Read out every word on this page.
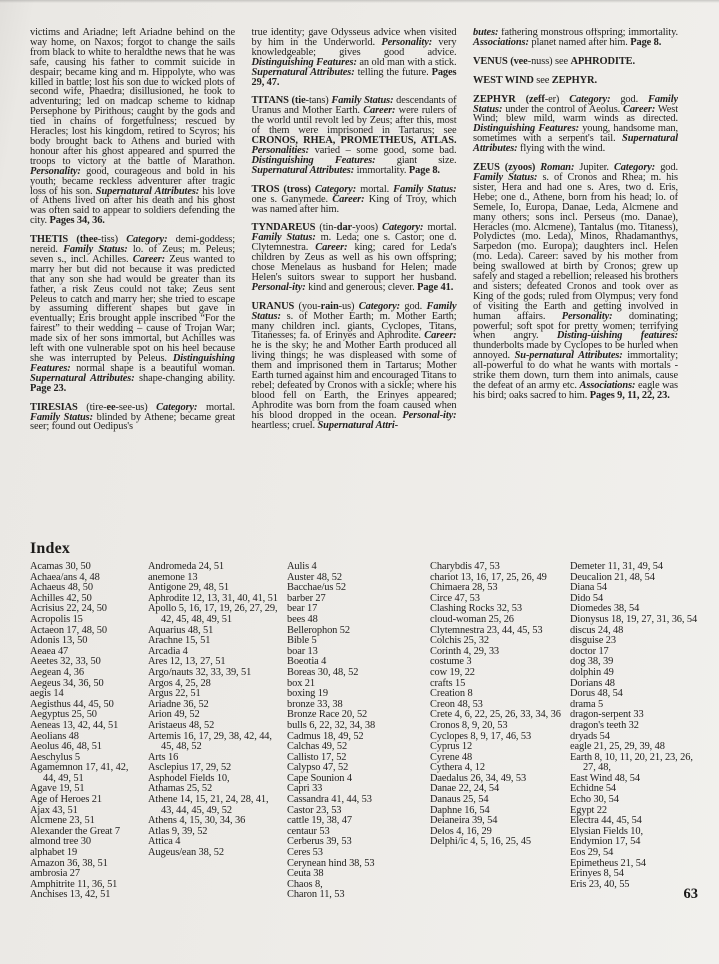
victims and Ariadne; left Ariadne behind on the way home, on Naxos; forgot to change the sails from black to white to heraldthe news that he was safe, causing his father to commit suicide in despair; became king and m. Hippolyte, who was killed in battle; lost his son due to wicked plots of second wife, Phaedra; disillusioned, he took to adventuring; led on madcap scheme to kidnap Persephone by Pirithous; caught by the gods and tied in chains of forgetfulness; rescued by Heracles; lost his kingdom, retired to Scyros; his body brought back to Athens and buried with honour after his ghost appeared and spurred the troops to victory at the battle of Marathon. Personality: good, courageous and bold in his youth; became reckless adventurer after tragic loss of his son. Supernatural Attributes: his love of Athens lived on after his death and his ghost was often said to appear to soldiers defending the city. Pages 34, 36.

THETIS (thee-tiss) Category: demi-goddess; nereid. Family Status: lo. of Zeus; m. Peleus; seven s., incl. Achilles. Career: Zeus wanted to marry her but did not because it was predicted that any son she had would be greater than its father, a risk Zeus could not take; Zeus sent Peleus to catch and marry her; she tried to escape by assuming different shapes but gave in eventually; Eris brought apple inscribed “For the fairest” to their wedding – cause of Trojan War; made six of her sons immortal, but Achilles was left with one vulnerable spot on his heel because she was interrupted by Peleus. Distinguishing Features: normal shape is a beautiful woman. Supernatural Attributes: shape-changing ability. Page 23.

TIRESIAS (tire-ee-see-us) Category: mortal. Family Status: blinded by Athene; became great seer; found out Oedipus's

true identity; gave Odysseus advice when visited by him in the Underworld. Personality: very knowledgeable; gives good advice. Distinguishing Features: an old man with a stick. Supernatural Attributes: telling the future. Pages 29, 47.

TITANS (tie-tans) Family Status: descendants of Uranus and Mother Earth. Career: were rulers of the world until revolt led by Zeus; after this, most of them were imprisoned in Tartarus; see CRONOS, RHEA, PROMETHEUS, ATLAS. Personalities: varied – some good, some bad. Distinguishing Features: giant size. Supernatural Attributes: immortality. Page 8.

TROS (tross) Category: mortal. Family Status: one s. Ganymede. Career: King of Troy, which was named after him.

TYNDAREUS (tin-dar-yoos) Category: mortal. Family Status: m. Leda; one s. Castor; one d. Clytemnestra. Career: king; cared for Leda's children by Zeus as well as his own offspring; chose Menelaus as husband for Helen; made Helen's suitors swear to support her husband. Personal-ity: kind and generous; clever. Page 41.

URANUS (you-rain-us) Category: god. Family Status: s. of Mother Earth; m. Mother Earth; many children incl. giants, Cyclopes, Titans, Titanesses; fa. of Erinyes and Aphrodite. Career: he is the sky; he and Mother Earth produced all living things; he was displeased with some of them and imprisoned them in Tartarus; Mother Earth turned against him and encouraged Titans to rebel; defeated by Cronos with a sickle; where his blood fell on Earth, the Erinyes appeared; Aphrodite was born from the foam caused when his blood dropped in the ocean. Personal-ity: heartless; cruel. Supernatural Attri-

butes: fathering monstrous offspring; immortality. Associations: planet named after him. Page 8.

VENUS (vee-nuss) see APHRODITE.

WEST WIND see ZEPHYR.

ZEPHYR (zeff-er) Category: god. Family Status: under the control of Aeolus. Career: West Wind; blew mild, warm winds as directed. Distinguishing Features: young, handsome man, sometimes with a serpent's tail. Supernatural Attributes: flying with the wind.

ZEUS (zyoos) Roman: Jupiter. Category: god. Family Status: s. of Cronos and Rhea; m. his sister, Hera and had one s. Ares, two d. Eris, Hebe; one d., Athene, born from his head; lo. of Semele, Io, Europa, Danae, Leda, Alcmene and many others; sons incl. Perseus (mo. Danae), Heracles (mo. Alcmene), Tantalus (mo. Titaness), Polydictes (mo. Leda), Minos, Rhadamanthys, Sarpedon (mo. Europa); daughters incl. Helen (mo. Leda). Career: saved by his mother from being swallowed at birth by Cronos; grew up safely and staged a rebellion; released his brothers and sisters; defeated Cronos and took over as King of the gods; ruled from Olympus; very fond of visiting the Earth and getting involved in human affairs. Personality: dominating; powerful; soft spot for pretty women; terrifying when angry. Disting-uishing features: thunderbolts made by Cyclopes to be hurled when annoyed. Su-pernatural Attributes: immortality; all-powerful to do what he wants with mortals - strike them down, turn them into animals, cause the defeat of an army etc. Associations: eagle was his bird; oaks sacred to him. Pages 9, 11, 22, 23.

Index
Acamas 30, 50
Achaea/ans 4, 48
Achaeus 48, 50
Achilles 42, 50
Acrisius 22, 24, 50
Acropolis 15
Actaeon 17, 48, 50
Adonis 13, 50
Aeaea 47
Aeetes 32, 33, 50
Aegean 4, 36
Aegeus 34, 36, 50
aegis 14
Aegisthus 44, 45, 50
Aegyptus 25, 50
Aeneas 13, 42, 44, 51
Aeolians 48
Aeolus 46, 48, 51
Aeschylus 5
Agamemnon 17, 41, 42, 44, 49, 51
Agave 19, 51
Age of Heroes 21
Ajax 43, 51
Alcmene 23, 51
Alexander the Great 7
almond tree 30
alphabet 19
Amazon 36, 38, 51
ambrosia 27
Amphitrite 11, 36, 51
Anchises 13, 42, 51
Andromeda 24, 51
anemone 13
Antigone 29, 48, 51
Aphrodite 12, 13, 31, 40, 41, 51
Apollo 5, 16, 17, 19, 26, 27, 29, 42, 45, 48, 49, 51
Aquarius 48, 51
Arachne 15, 51
Arcadia 4
Ares 12, 13, 27, 51
Argo/nauts 32, 33, 39, 51
Argos 4, 25, 28
Argus 22, 51
Ariadne 36, 52
Arion 49, 52
Aristaeus 48, 52
Artemis 16, 17, 29, 38, 42, 44, 45, 48, 52
Arts 16
Asclepius 17, 29, 52
Asphodel Fields 10,
Athamas 25, 52
Athene 14, 15, 21, 24, 28, 41, 43, 44, 45, 49, 52
Athens 4, 15, 30, 34, 36
Atlas 9, 39, 52
Attica 4
Augeus/ean 38, 52
Aulis 4
Auster 48, 52
Bacchae/us 52
barber 27
bear 17
bees 48
Bellerophon 52
Bible 5
boar 13
Boeotia 4
Boreas 30, 48, 52
box 21
boxing 19
bronze 33, 38
Bronze Race 20, 52
bulls 6, 22, 32, 34, 38
Cadmus 18, 49, 52
Calchas 49, 52
Callisto 17, 52
Calypso 47, 52
Cape Sounion 4
Capri 33
Cassandra 41, 44, 53
Castor 23, 53
cattle 19, 38, 47
centaur 53
Cerberus 39, 53
Ceres 53
Cerynean hind 38, 53
Ceuta 38
Chaos 8,
Charon 11, 53
Charybdis 47, 53
chariot 13, 16, 17, 25, 26, 49
Chimaera 28, 53
Circe 47, 53
Clashing Rocks 32, 53
cloud-woman 25, 26
Clytemnestra 23, 44, 45, 53
Colchis 25, 32
Corinth 4, 29, 33
costume 3
cow 19, 22
crafts 15
Creation 8
Creon 48, 53
Crete 4, 6, 22, 25, 26, 33, 34, 36
Cronos 8, 9, 20, 53
Cyclopes 8, 9, 17, 46, 53
Cyprus 12
Cyrene 48
Cythera 4, 12
Daedalus 26, 34, 49, 53
Danae 22, 24, 54
Danaus 25, 54
Daphne 16, 54
Deianeira 39, 54
Delos 4, 16, 29
Delphi/ic 4, 5, 16, 25, 45
Demeter 11, 31, 49, 54
Deucalion 21, 48, 54
Diana 54
Dido 54
Diomedes 38, 54
Dionysus 18, 19, 27, 31, 36, 54
discus 24, 48
disguise 23
doctor 17
dog 38, 39
dolphin 49
Dorians 48
Dorus 48, 54
drama 5
dragon-serpent 33
dragon's teeth 32
dryads 54
eagle 21, 25, 29, 39, 48
Earth 8, 10, 11, 20, 21, 23, 26, 27, 48,
East Wind 48, 54
Echidne 54
Echo 30, 54
Egypt 22
Electra 44, 45, 54
Elysian Fields 10,
Endymion 17, 54
Eos 29, 54
Epimetheus 21, 54
Erinyes 8, 54
Eris 23, 40, 55
63
